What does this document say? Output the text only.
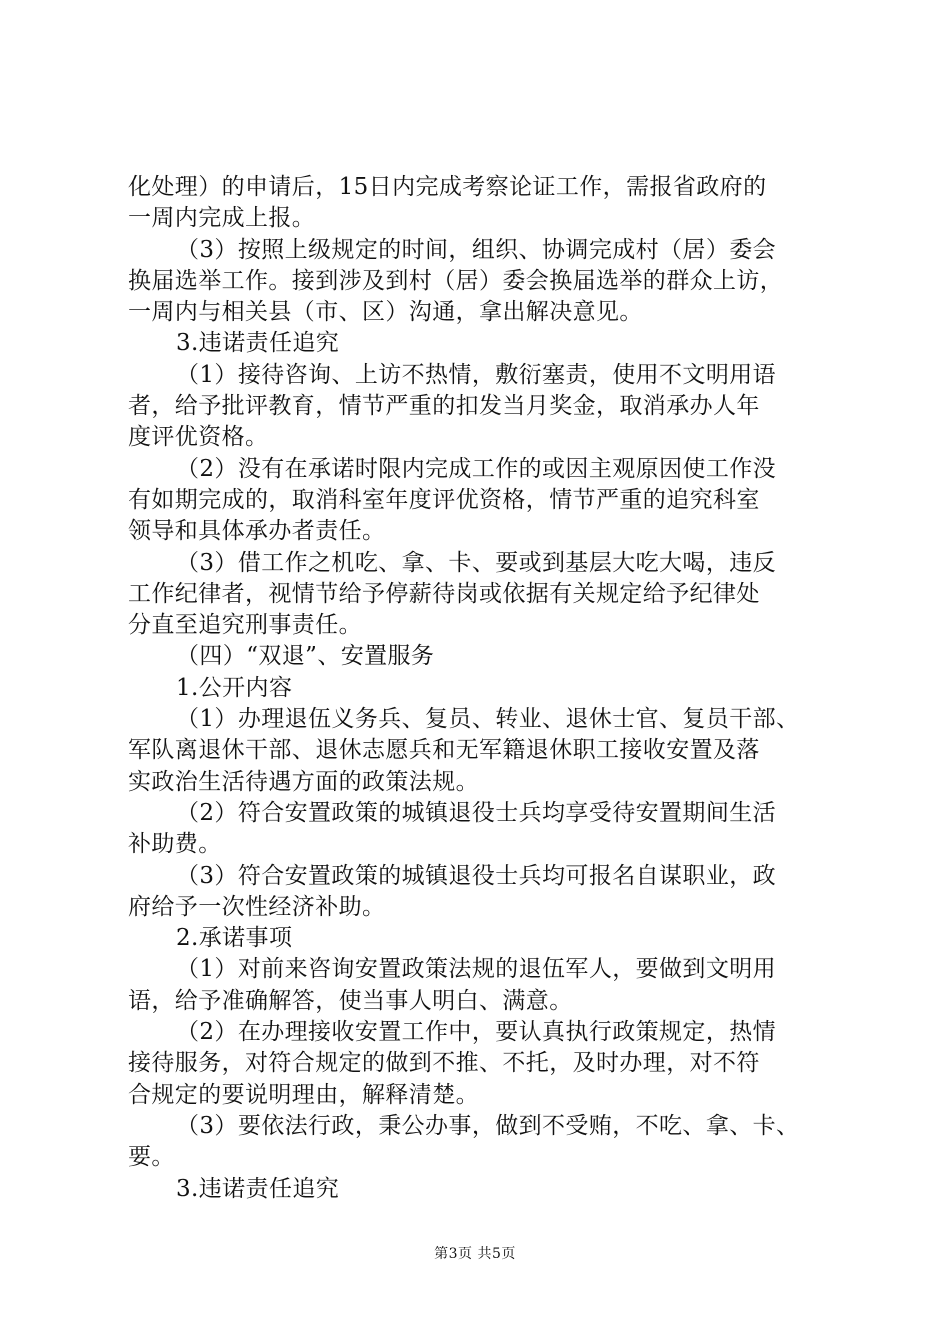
化处理）的申请后，15日内完成考察论证工作，需报省政府的
一周内完成上报。
（3）按照上级规定的时间，组织、协调完成村（居）委会
换届选举工作。接到涉及到村（居）委会换届选举的群众上访，
一周内与相关县（市、区）沟通，拿出解决意见。
3.违诺责任追究
（1）接待咨询、上访不热情，敷衍塞责，使用不文明用语
者，给予批评教育，情节严重的扣发当月奖金，取消承办人年
度评优资格。
（2）没有在承诺时限内完成工作的或因主观原因使工作没
有如期完成的，取消科室年度评优资格，情节严重的追究科室
领导和具体承办者责任。
（3）借工作之机吃、拿、卡、要或到基层大吃大喝，违反
工作纪律者，视情节给予停薪待岗或依据有关规定给予纪律处
分直至追究刑事责任。
（四）“双退”、安置服务
1.公开内容
（1）办理退伍义务兵、复员、转业、退休士官、复员干部、
军队离退休干部、退休志愿兵和无军籍退休职工接收安置及落
实政治生活待遇方面的政策法规。
（2）符合安置政策的城镇退役士兵均享受待安置期间生活
补助费。
（3）符合安置政策的城镇退役士兵均可报名自谋职业，政
府给予一次性经济补助。
2.承诺事项
（1）对前来咨询安置政策法规的退伍军人，要做到文明用
语，给予准确解答，使当事人明白、满意。
（2）在办理接收安置工作中，要认真执行政策规定，热情
接待服务，对符合规定的做到不推、不托，及时办理，对不符
合规定的要说明理由，解释清楚。
（3）要依法行政，秉公办事，做到不受贿，不吃、拿、卡、
要。
3.违诺责任追究
第3页 共5页
